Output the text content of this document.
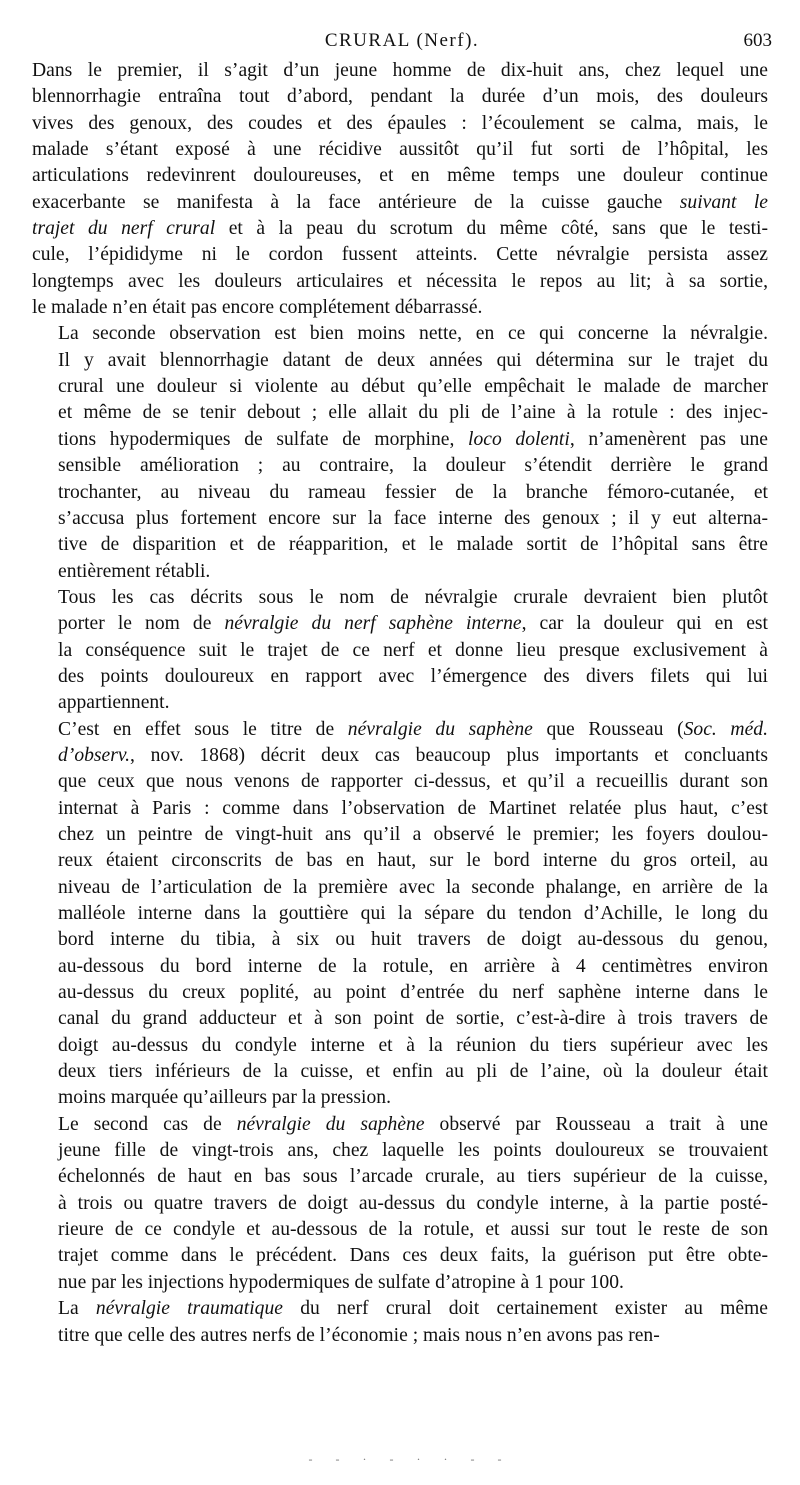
CRURAL (Nerf).	603
Dans le premier, il s’agit d’un jeune homme de dix-huit ans, chez lequel une
blennorrhagie entraîna tout d’abord, pendant la durée d’un mois, des douleurs
vives des genoux, des coudes et des épaules : l’écoulement se calma, mais, le
malade s’étant exposé à une récidive aussitôt qu’il fut sorti de l’hôpital, les
articulations redevinrent douloureuses, et en même temps une douleur continue
exacerbante se manifesta à la face antérieure de la cuisse gauche suivant le
trajet du nerf crural et à la peau du scrotum du même côté, sans que le testi-
cule, l’épididyme ni le cordon fussent atteints. Cette névralgie persista assez
longtemps avec les douleurs articulaires et nécessita le repos au lit; à sa sortie,
le malade n’en était pas encore complétement débarrassé.
La seconde observation est bien moins nette, en ce qui concerne la névralgie.
Il y avait blennorrhagie datant de deux années qui détermina sur le trajet du
crural une douleur si violente au début qu’elle empêchait le malade de marcher
et même de se tenir debout ; elle allait du pli de l’aine à la rotule : des injec-
tions hypodermiques de sulfate de morphine, loco dolenti, n’amenèrent pas une
sensible amélioration ; au contraire, la douleur s’étendit derrière le grand
trochanter, au niveau du rameau fessier de la branche fémoro-cutanée, et
s’accusa plus fortement encore sur la face interne des genoux ; il y eut alterna-
tive de disparition et de réapparition, et le malade sortit de l’hôpital sans être
entièrement rétabli.
Tous les cas décrits sous le nom de névralgie crurale devraient bien plutôt
porter le nom de névralgie du nerf saphène interne, car la douleur qui en est
la conséquence suit le trajet de ce nerf et donne lieu presque exclusivement à
des points douloureux en rapport avec l’émergence des divers filets qui lui
appartiennent.
C’est en effet sous le titre de névralgie du saphène que Rousseau (Soc. méd.
d’observ., nov. 1868) décrit deux cas beaucoup plus importants et concluants
que ceux que nous venons de rapporter ci-dessus, et qu’il a recueillis durant son
internat à Paris : comme dans l’observation de Martinet relatée plus haut, c’est
chez un peintre de vingt-huit ans qu’il a observé le premier; les foyers doulou-
reux étaient circonscrits de bas en haut, sur le bord interne du gros orteil, au
niveau de l’articulation de la première avec la seconde phalange, en arrière de la
malléole interne dans la gouttière qui la sépare du tendon d’Achille, le long du
bord interne du tibia, à six ou huit travers de doigt au-dessous du genou,
au-dessous du bord interne de la rotule, en arrière à 4 centimètres environ
au-dessus du creux poplité, au point d’entrée du nerf saphène interne dans le
canal du grand adducteur et à son point de sortie, c’est-à-dire à trois travers de
doigt au-dessus du condyle interne et à la réunion du tiers supérieur avec les
deux tiers inférieurs de la cuisse, et enfin au pli de l’aine, où la douleur était
moins marquée qu’ailleurs par la pression.
Le second cas de névralgie du saphène observé par Rousseau a trait à une
jeune fille de vingt-trois ans, chez laquelle les points douloureux se trouvaient
échelonnés de haut en bas sous l’arcade crurale, au tiers supérieur de la cuisse,
à trois ou quatre travers de doigt au-dessus du condyle interne, à la partie posté-
rieure de ce condyle et au-dessous de la rotule, et aussi sur tout le reste de son
trajet comme dans le précédent. Dans ces deux faits, la guérison put être obte-
nue par les injections hypodermiques de sulfate d’atropine à 1 pour 100.
La névralgie traumatique du nerf crural doit certainement exister au même
titre que celle des autres nerfs de l’économie ; mais nous n’en avons pas ren-
- - · - · · - -
